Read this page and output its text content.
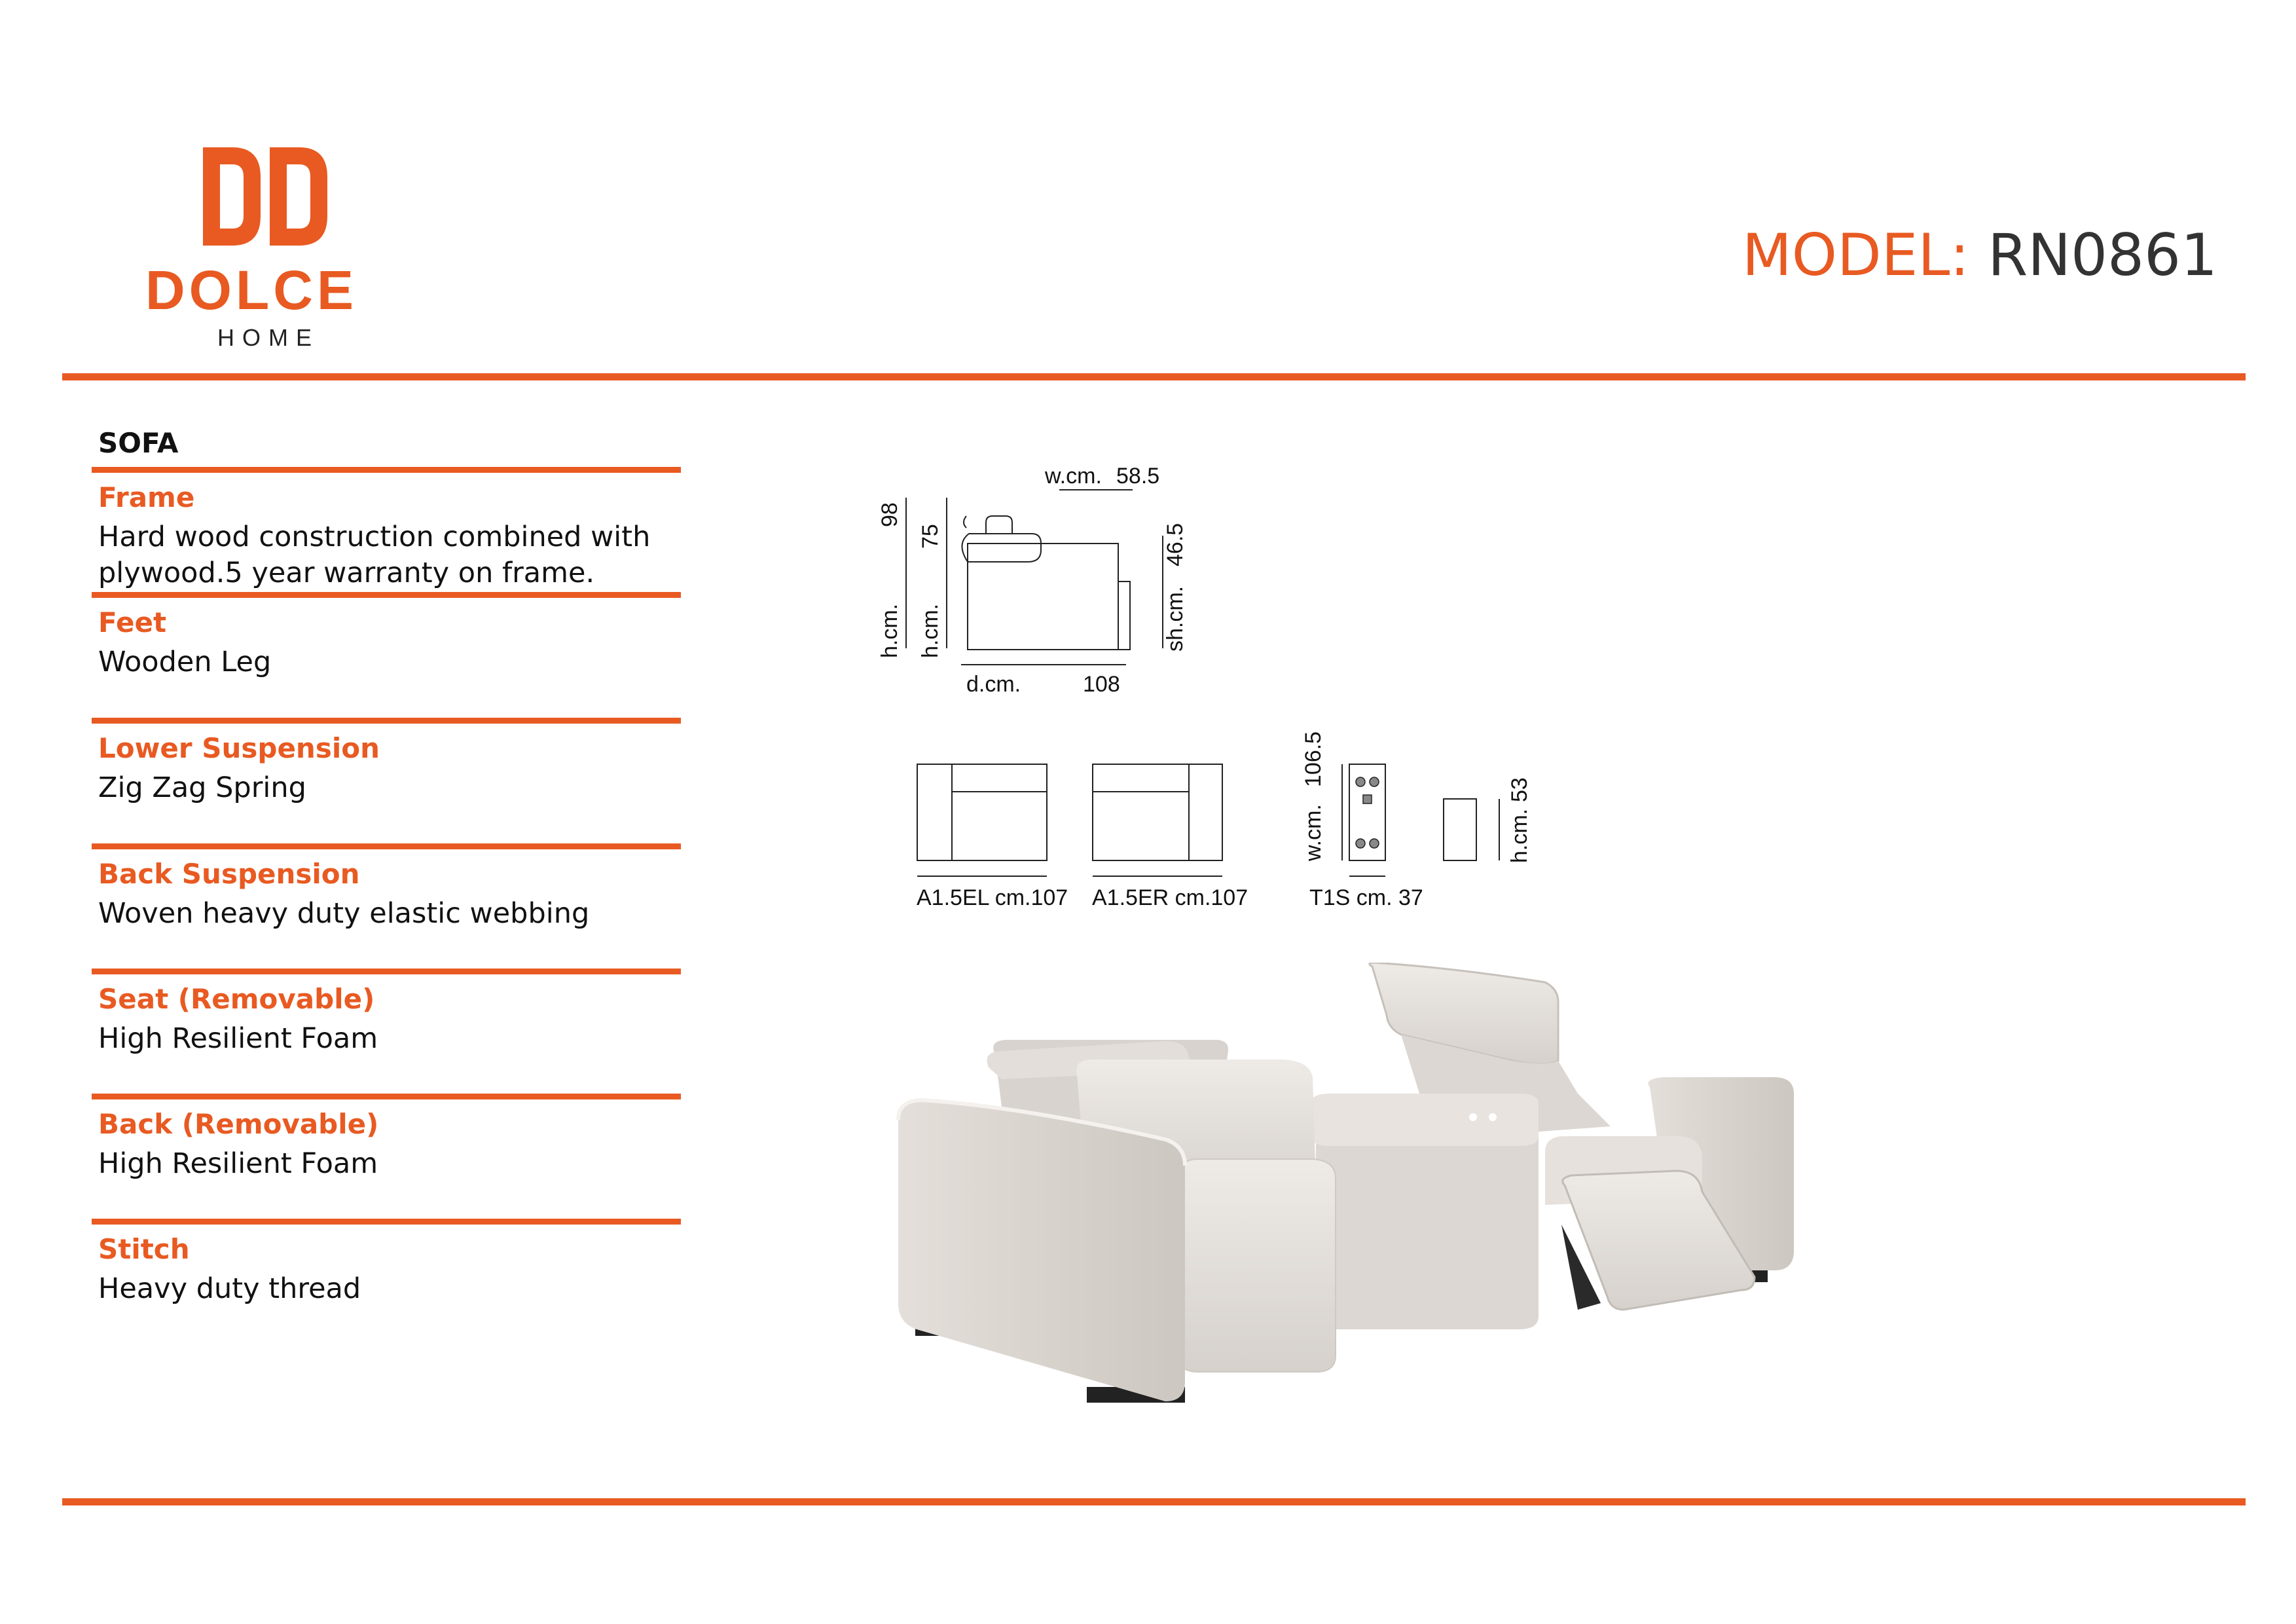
DOLCE
HOME
MODEL: RN0861
SOFA
Frame
Hard wood construction combined with plywood.5 year warranty on frame.
Feet
Wooden Leg
Lower Suspension
Zig Zag Spring
Back Suspension
Woven heavy duty elastic webbing
Seat (Removable)
High Resilient Foam
Back (Removable)
High Resilient Foam
Stitch
Heavy duty thread
w.cm. 58.5
h.cm.
98
h.cm.
75
sh.cm.
46.5
d.cm.	108
A1.5EL cm.107 A1.5ER cm.107	T1S cm. 37
w.cm.
106.5
h.cm.
53
